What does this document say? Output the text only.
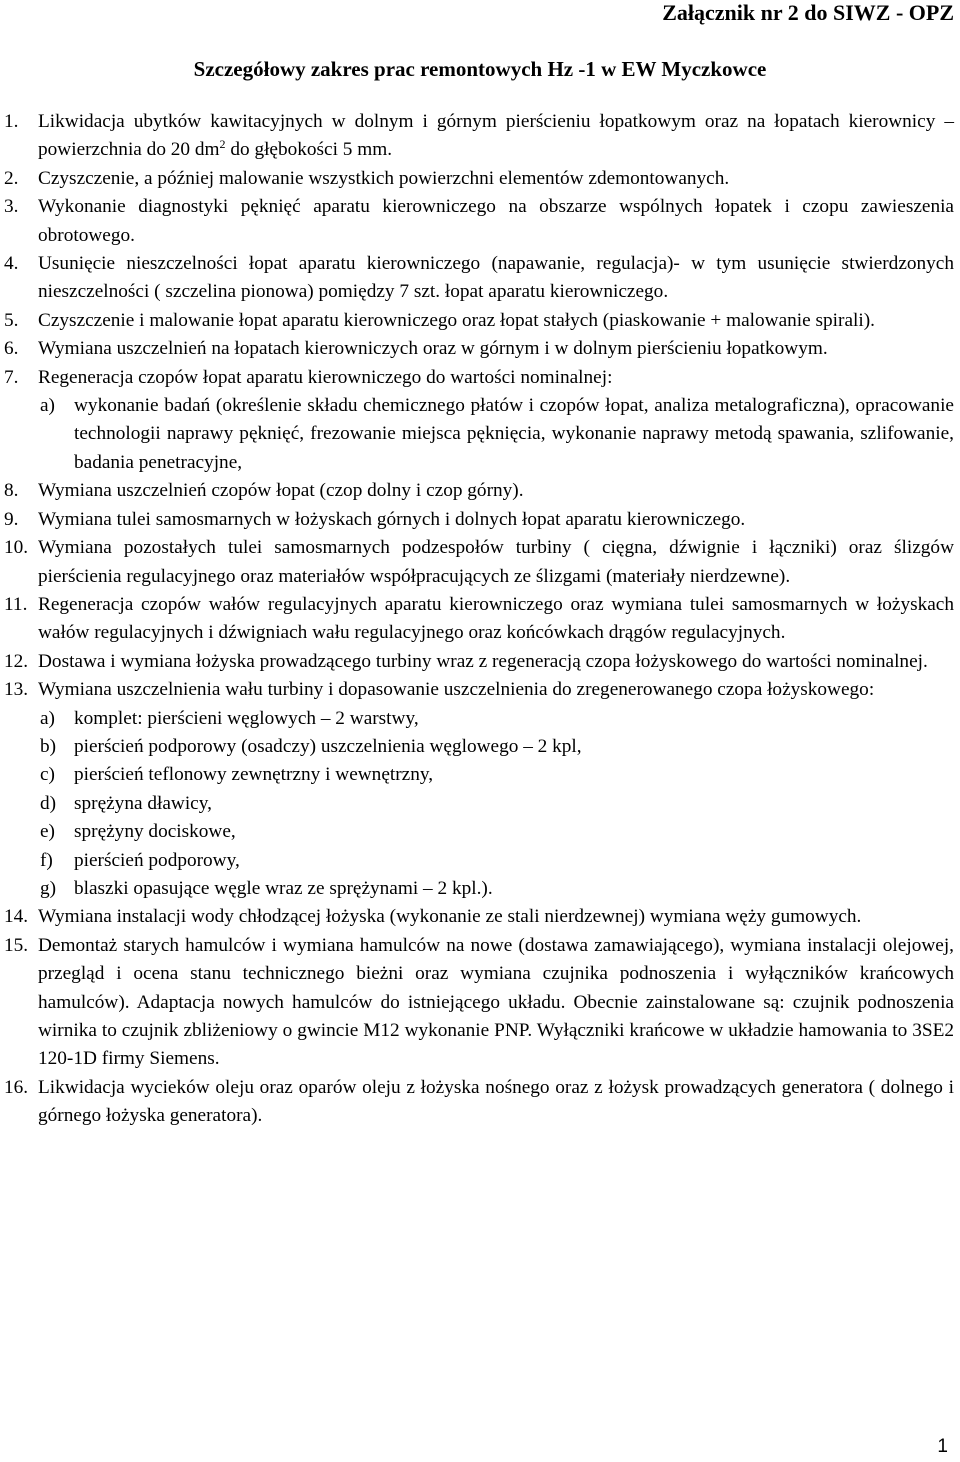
Załącznik nr 2 do SIWZ - OPZ
Szczegółowy zakres prac remontowych Hz -1 w EW Myczkowce
1. Likwidacja ubytków kawitacyjnych w dolnym i górnym pierścieniu łopatkowym oraz na łopatach kierownicy – powierzchnia do 20 $dm^2$ do głębokości 5 mm.
2. Czyszczenie, a później malowanie wszystkich powierzchni elementów zdemontowanych.
3. Wykonanie diagnostyki pęknięć aparatu kierowniczego na obszarze wspólnych łopatek i czopu zawieszenia obrotowego.
4. Usunięcie nieszczelności łopat aparatu kierowniczego (napawanie, regulacja)- w tym usunięcie stwierdzonych nieszczelności ( szczelina pionowa) pomiędzy 7 szt. łopat aparatu kierowniczego.
5. Czyszczenie i malowanie łopat aparatu kierowniczego oraz łopat stałych (piaskowanie + malowanie spirali).
6. Wymiana uszczelnień na łopatach kierowniczych oraz w górnym i w dolnym pierścieniu łopatkowym.
7. Regeneracja czopów łopat aparatu kierowniczego do wartości nominalnej:
a) wykonanie badań (określenie składu chemicznego płatów i czopów łopat, analiza metalograficzna), opracowanie technologii naprawy pęknięć, frezowanie miejsca pęknięcia, wykonanie naprawy metodą spawania, szlifowanie, badania penetracyjne,
8. Wymiana uszczelnień czopów łopat (czop dolny i czop górny).
9. Wymiana tulei samosmarnych w łożyskach górnych i dolnych łopat aparatu kierowniczego.
10. Wymiana pozostałych tulei samosmarnych podzespołów turbiny ( cięgna, dźwignie i łączniki) oraz ślizgów pierścienia regulacyjnego oraz materiałów współpracujących ze ślizgami (materiały nierdzewne).
11. Regeneracja czopów wałów regulacyjnych aparatu kierowniczego oraz wymiana tulei samosmarnych w łożyskach wałów regulacyjnych i dźwigniach wału regulacyjnego oraz końcówkach drągów regulacyjnych.
12. Dostawa i wymiana łożyska prowadzącego turbiny wraz z regeneracją czopa łożyskowego do wartości nominalnej.
13. Wymiana uszczelnienia wału turbiny i dopasowanie uszczelnienia do zregenerowanego czopa łożyskowego:
a) komplet: pierścieni węglowych – 2 warstwy,
b) pierścień podporowy (osadczy) uszczelnienia węglowego – 2 kpl,
c) pierścień teflonowy zewnętrzny i wewnętrzny,
d) sprężyna dławicy,
e) sprężyny dociskowe,
f) pierścień podporowy,
g) blaszki opasujące węgle wraz ze sprężynami – 2 kpl.).
14. Wymiana instalacji wody chłodzącej łożyska (wykonanie ze stali nierdzewnej) wymiana węży gumowych.
15. Demontaż starych hamulców i wymiana hamulców na nowe (dostawa zamawiającego), wymiana instalacji olejowej, przegląd i ocena stanu technicznego bieżni oraz wymiana czujnika podnoszenia i wyłączników krańcowych hamulców). Adaptacja nowych hamulców do istniejącego układu. Obecnie zainstalowane są: czujnik podnoszenia wirnika to czujnik zbliżeniowy o gwincie M12 wykonanie PNP. Wyłączniki krańcowe w układzie hamowania to 3SE2 120-1D firmy Siemens.
16. Likwidacja wycieków oleju oraz oparów oleju z łożyska nośnego oraz z łożysk prowadzących generatora ( dolnego i górnego łożyska generatora).
1
